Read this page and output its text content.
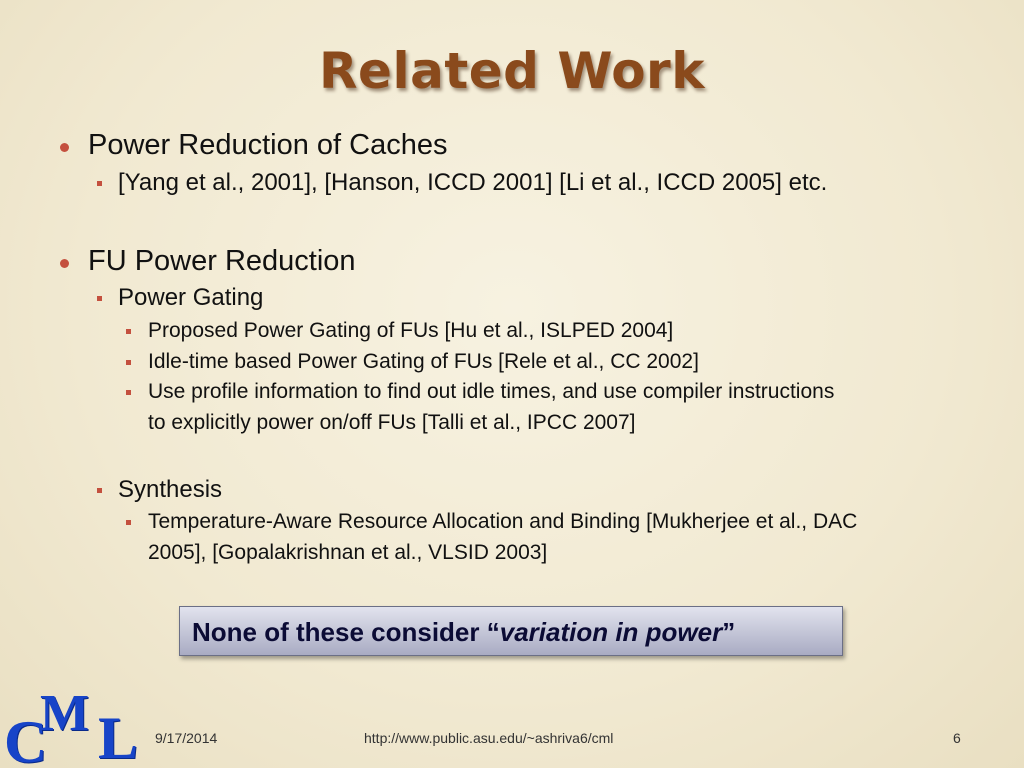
Related Work
Power Reduction of Caches
[Yang et al., 2001], [Hanson, ICCD 2001] [Li et al., ICCD 2005] etc.
FU Power Reduction
Power Gating
Proposed Power Gating of FUs [Hu et al., ISLPED 2004]
Idle-time based Power Gating of FUs [Rele et al., CC 2002]
Use profile information to find out idle times, and use compiler instructions
to explicitly power on/off FUs [Talli et al., IPCC 2007]
Synthesis
Temperature-Aware Resource Allocation and Binding [Mukherjee et al., DAC
2005], [Gopalakrishnan et al., VLSID 2003]
None of these consider “variation in power”
C
M L 9/17/2014	http://www.public.asu.edu/~ashriva6/cml	6
